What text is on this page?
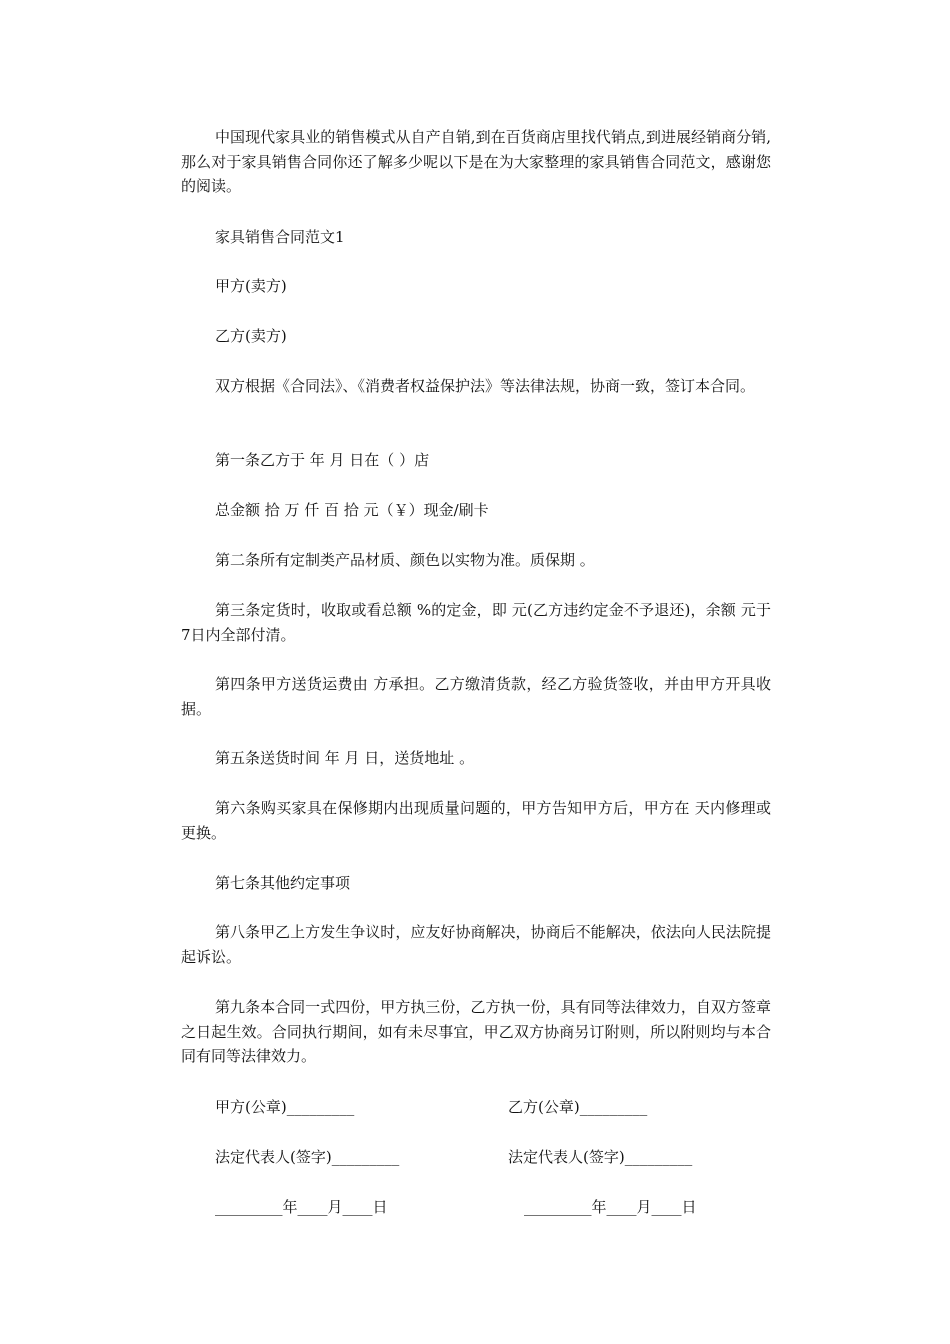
中国现代家具业的销售模式从自产自销,到在百货商店里找代销点,到进展经销商分销,那么对于家具销售合同你还了解多少呢以下是在为大家整理的家具销售合同范文，感谢您的阅读。

家具销售合同范文1

甲方(卖方)

乙方(卖方)

双方根据《合同法》、《消费者权益保护法》等法律法规，协商一致，签订本合同。

第一条乙方于 年 月 日在（ ）店

总金额 拾 万 仟 百 拾 元（￥）现金/刷卡

第二条所有定制类产品材质、颜色以实物为准。质保期 。

第三条定货时，收取或看总额 %的定金，即 元(乙方违约定金不予退还)，余额 元于7日内全部付清。

第四条甲方送货运费由 方承担。乙方缴清货款，经乙方验货签收，并由甲方开具收据。

第五条送货时间 年 月 日，送货地址 。

第六条购买家具在保修期内出现质量问题的，甲方告知甲方后，甲方在 天内修理或更换。

第七条其他约定事项

第八条甲乙上方发生争议时，应友好协商解决，协商后不能解决，依法向人民法院提起诉讼。

第九条本合同一式四份，甲方执三份，乙方执一份，具有同等法律效力，自双方签章之日起生效。合同执行期间，如有未尽事宜，甲乙双方协商另订附则，所以附则均与本合同有同等法律效力。

甲方(公章)_________	乙方(公章)_________

法定代表人(签字)_________	法定代表人(签字)_________

_________年____月____日	_________年____月____日
